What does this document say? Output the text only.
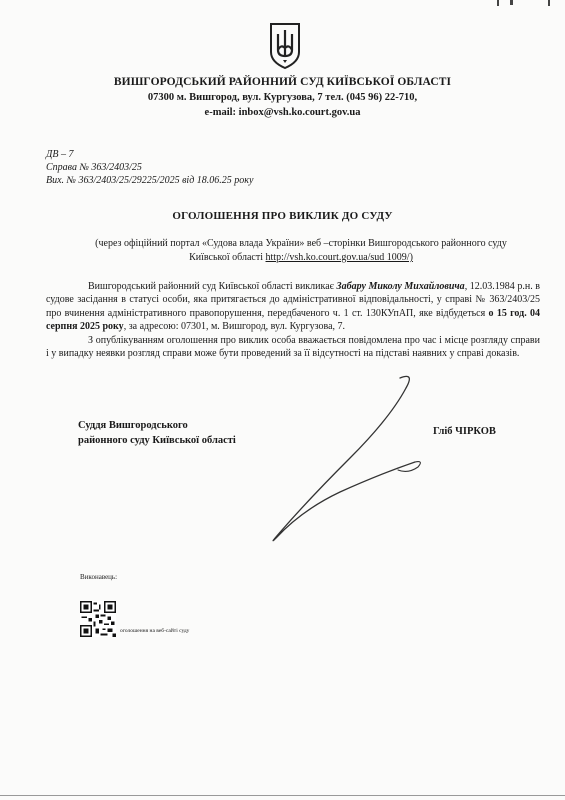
ВИШГОРОДСЬКИЙ РАЙОННИЙ СУД КИЇВСЬКОЇ ОБЛАСТІ
07300 м. Вишгород, вул. Кургузова, 7 тел. (045 96) 22-710,
e-mail: inbox@vsh.ko.court.gov.ua
ДВ – 7
Справа № 363/2403/25
Вих. № 363/2403/25/29225/2025 від 18.06.25 року
ОГОЛОШЕННЯ ПРО ВИКЛИК ДО СУДУ
(через офіційний портал «Судова влада України» веб –сторінки Вишгородського районного суду Київської області http://vsh.ko.court.gov.ua/sud 1009/)

Вишгородський районний суд Київської області викликає Забару Миколу Михайловича, 12.03.1984 р.н. в судове засідання в статусі особи, яка притягається до адміністративної відповідальності, у справі № 363/2403/25 про вчинення адміністративного правопорушення, передбаченого ч. 1 ст. 130КУпАП, яке відбудеться о 15 год. 04 серпня 2025 року, за адресою: 07301, м. Вишгород, вул. Кургузова, 7.

З опублікуванням оголошення про виклик особа вважається повідомлена про час і місце розгляду справи і у випадку неявки розгляд справи може бути проведений за її відсутності на підставі наявних у справі доказів.

Суддя Вишгородського
районного суду Київської області
Гліб ЧІРКОВ
Виконавець:
оголошення на веб-сайті суду
